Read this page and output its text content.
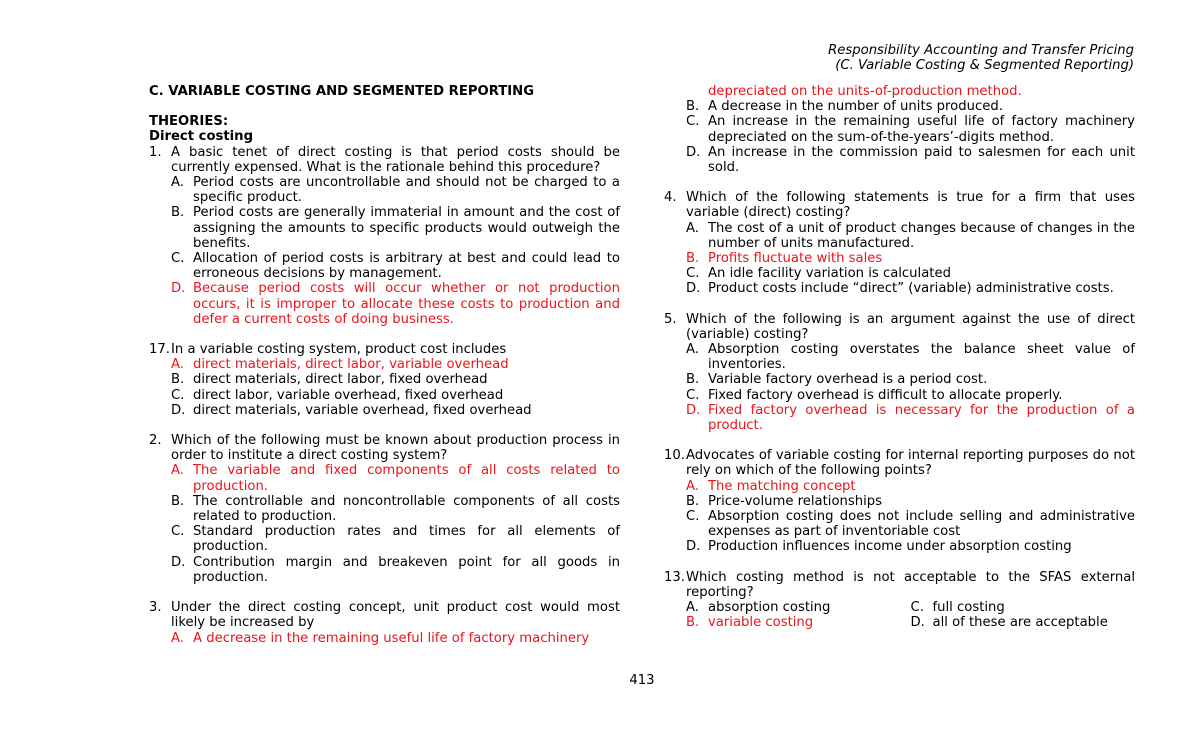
Responsibility Accounting and Transfer Pricing
(C. Variable Costing & Segmented Reporting)
C. VARIABLE COSTING AND SEGMENTED REPORTING
THEORIES:
Direct costing
1. A basic tenet of direct costing is that period costs should be currently expensed. What is the rationale behind this procedure?
A. Period costs are uncontrollable and should not be charged to a specific product.
B. Period costs are generally immaterial in amount and the cost of assigning the amounts to specific products would outweigh the benefits.
C. Allocation of period costs is arbitrary at best and could lead to erroneous decisions by management.
D. Because period costs will occur whether or not production occurs, it is improper to allocate these costs to production and defer a current costs of doing business.
17. In a variable costing system, product cost includes
A. direct materials, direct labor, variable overhead
B. direct materials, direct labor, fixed overhead
C. direct labor, variable overhead, fixed overhead
D. direct materials, variable overhead, fixed overhead
2. Which of the following must be known about production process in order to institute a direct costing system?
A. The variable and fixed components of all costs related to production.
B. The controllable and noncontrollable components of all costs related to production.
C. Standard production rates and times for all elements of production.
D. Contribution margin and breakeven point for all goods in production.
3. Under the direct costing concept, unit product cost would most likely be increased by
A. A decrease in the remaining useful life of factory machinery
depreciated on the units-of-production method.
B. A decrease in the number of units produced.
C. An increase in the remaining useful life of factory machinery depreciated on the sum-of-the-years’-digits method.
D. An increase in the commission paid to salesmen for each unit sold.
4. Which of the following statements is true for a firm that uses variable (direct) costing?
A. The cost of a unit of product changes because of changes in the number of units manufactured.
B. Profits fluctuate with sales
C. An idle facility variation is calculated
D. Product costs include “direct” (variable) administrative costs.
5. Which of the following is an argument against the use of direct (variable) costing?
A. Absorption costing overstates the balance sheet value of inventories.
B. Variable factory overhead is a period cost.
C. Fixed factory overhead is difficult to allocate properly.
D. Fixed factory overhead is necessary for the production of a product.
10. Advocates of variable costing for internal reporting purposes do not rely on which of the following points?
A. The matching concept
B. Price-volume relationships
C. Absorption costing does not include selling and administrative expenses as part of inventoriable cost
D. Production influences income under absorption costing
13. Which costing method is not acceptable to the SFAS external reporting?
A. absorption costing	C. full costing
B. variable costing	D. all of these are acceptable
413
